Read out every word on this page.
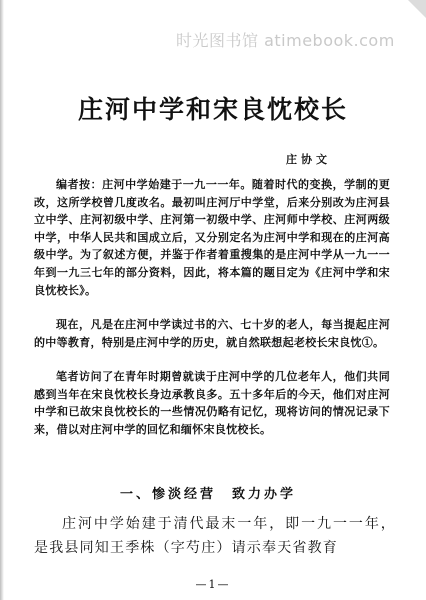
时光图书馆 atimebook.com

庄河中学和宋良忱校长

庄协文

编者按：庄河中学始建于一九一一年。随着时代的变换，学制的更改，这所学校曾几度改名。最初叫庄河厅中学堂，后来分别改为庄河县立中学、庄河初级中学、庄河第一初级中学、庄河师中学校、庄河两级中学，中华人民共和国成立后，又分别定名为庄河中学和现在的庄河高级中学。为了叙述方便，并鉴于作者着重搜集的是庄河中学从一九一一年到一九三七年的部分资料，因此，将本篇的题目定为《庄河中学和宋良忱校长》。

现在，凡是在庄河中学读过书的六、七十岁的老人，每当提起庄河的中等教育，特别是庄河中学的历史，就自然联想起老校长宋良忱①。

笔者访问了在青年时期曾就读于庄河中学的几位老年人，他们共同感到当年在宋良忱校长身边承教良多。五十多年后的今天，他们对庄河中学和已故宋良忱校长的一些情况仍略有记忆，现将访问的情况记录下来，借以对庄河中学的回忆和缅怀宋良忱校长。

一、惨淡经营　致力办学

庄河中学始建于清代最末一年，即一九一一年，是我县同知王季株（字芍庄）请示奉天省教育

—1—
